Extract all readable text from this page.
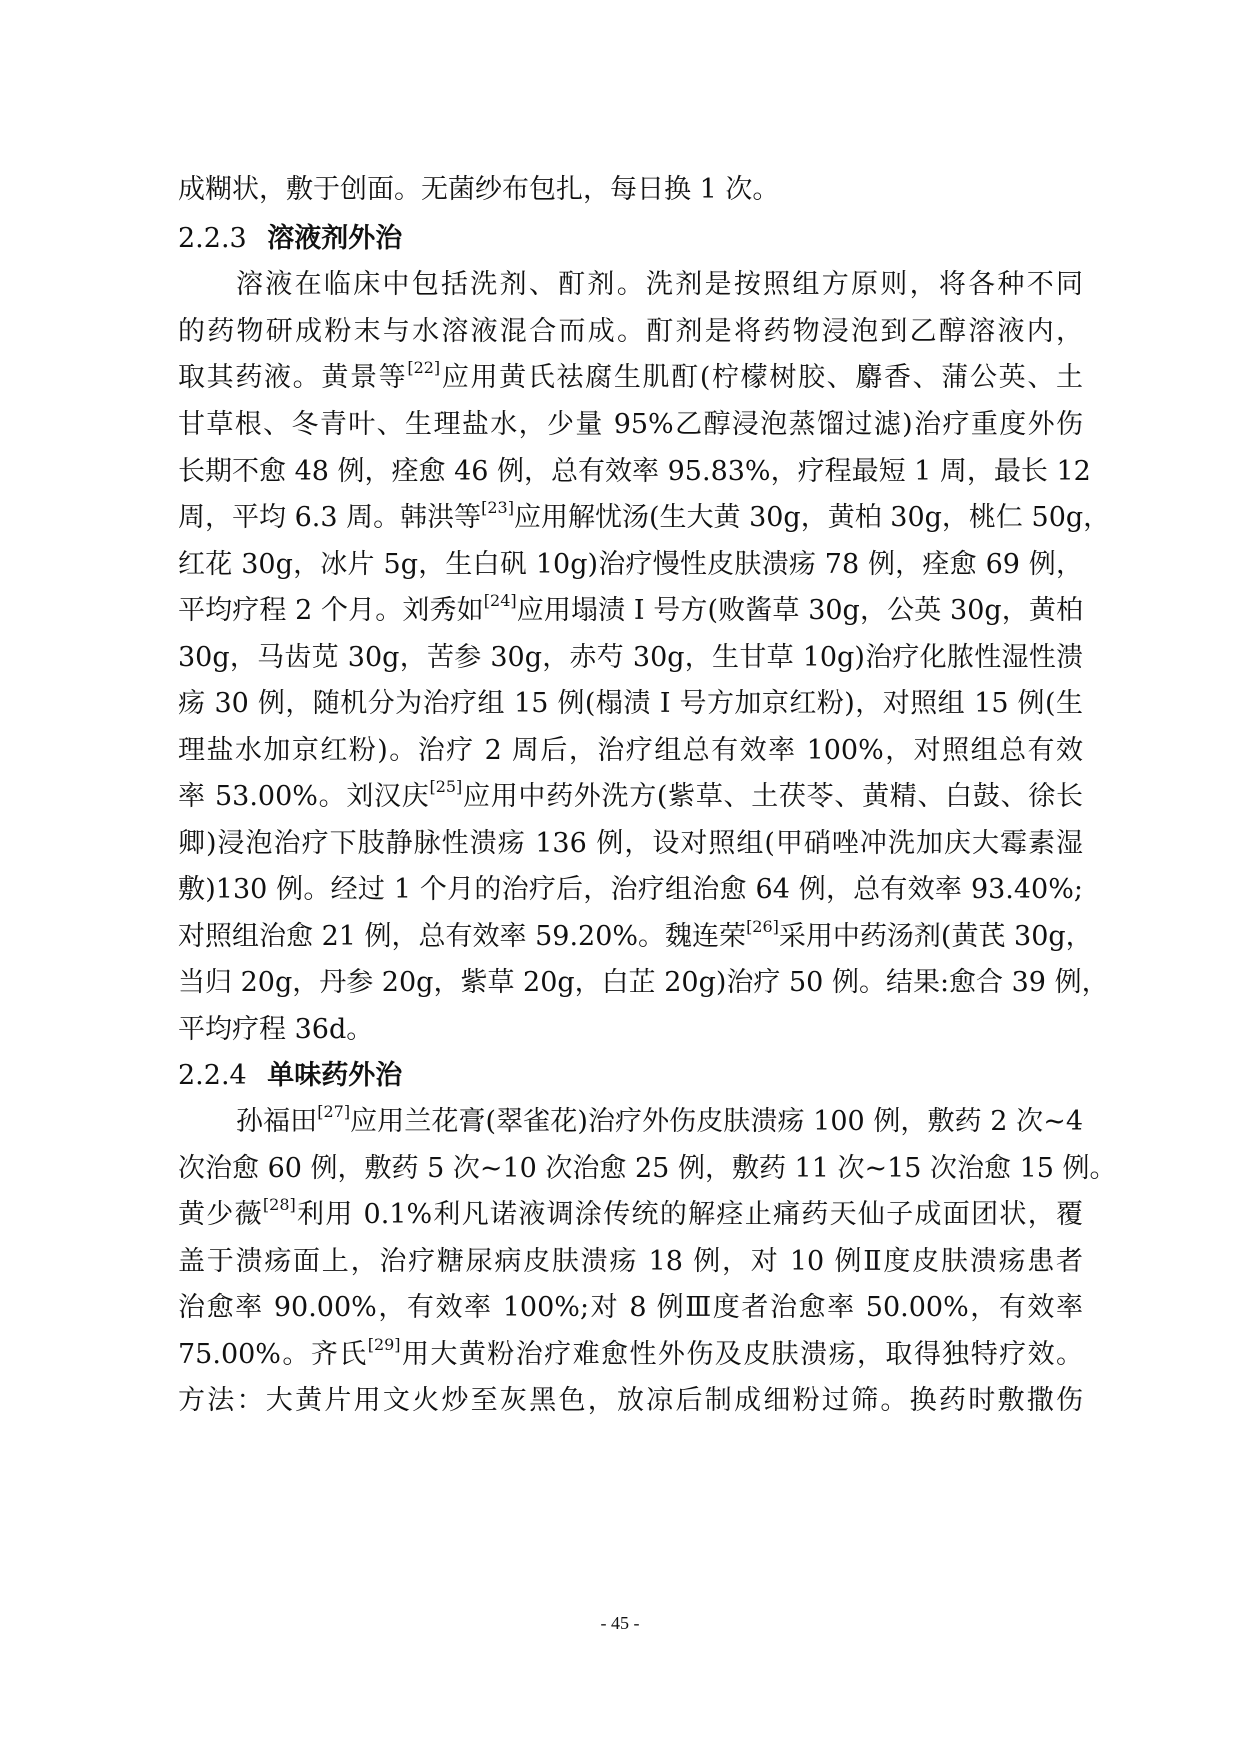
成糊状，敷于创面。无菌纱布包扎，每日换 1 次。
2.2.3 溶液剂外治
溶液在临床中包括洗剂、酊剂。洗剂是按照组方原则，将各种不同
的药物研成粉末与水溶液混合而成。酊剂是将药物浸泡到乙醇溶液内，
取其药液。黄景等[22]应用黄氏祛腐生肌酊(柠檬树胶、麝香、蒲公英、土
甘草根、冬青叶、生理盐水，少量 95%乙醇浸泡蒸馏过滤)治疗重度外伤
长期不愈 48 例，痊愈 46 例，总有效率 95.83%，疗程最短 1 周，最长 12
周，平均 6.3 周。韩洪等[23]应用解忧汤(生大黄 30g，黄柏 30g，桃仁 50g，
红花 30g，冰片 5g，生白矾 10g)治疗慢性皮肤溃疡 78 例，痊愈 69 例，
平均疗程 2 个月。刘秀如[24]应用塌渍 I 号方(败酱草 30g，公英 30g，黄柏
30g，马齿苋 30g，苦参 30g，赤芍 30g，生甘草 10g)治疗化脓性湿性溃
疡 30 例，随机分为治疗组 15 例(榻渍 I 号方加京红粉)，对照组 15 例(生
理盐水加京红粉)。治疗 2 周后，治疗组总有效率 100%，对照组总有效
率 53.00%。刘汉庆[25]应用中药外洗方(紫草、土茯苓、黄精、白鼓、徐长
卿)浸泡治疗下肢静脉性溃疡 136 例，设对照组(甲硝唑冲洗加庆大霉素湿
敷)130 例。经过 1 个月的治疗后，治疗组治愈 64 例，总有效率 93.40%;
对照组治愈 21 例，总有效率 59.20%。魏连荣[26]采用中药汤剂(黄芪 30g，
当归 20g，丹参 20g，紫草 20g，白芷 20g)治疗 50 例。结果:愈合 39 例，
平均疗程 36d。
2.2.4 单味药外治
孙福田[27]应用兰花膏(翠雀花)治疗外伤皮肤溃疡 100 例，敷药 2 次~4
次治愈 60 例，敷药 5 次~10 次治愈 25 例，敷药 11 次~15 次治愈 15 例。
黄少薇[28]利用 0.1%利凡诺液调涂传统的解痉止痛药天仙子成面团状，覆
盖于溃疡面上，治疗糖尿病皮肤溃疡 18 例，对 10 例Ⅱ度皮肤溃疡患者
治愈率 90.00%，有效率 100%;对 8 例Ⅲ度者治愈率 50.00%，有效率
75.00%。齐氏[29]用大黄粉治疗难愈性外伤及皮肤溃疡，取得独特疗效。
方法：大黄片用文火炒至灰黑色，放凉后制成细粉过筛。换药时敷撒伤
- 45 -
